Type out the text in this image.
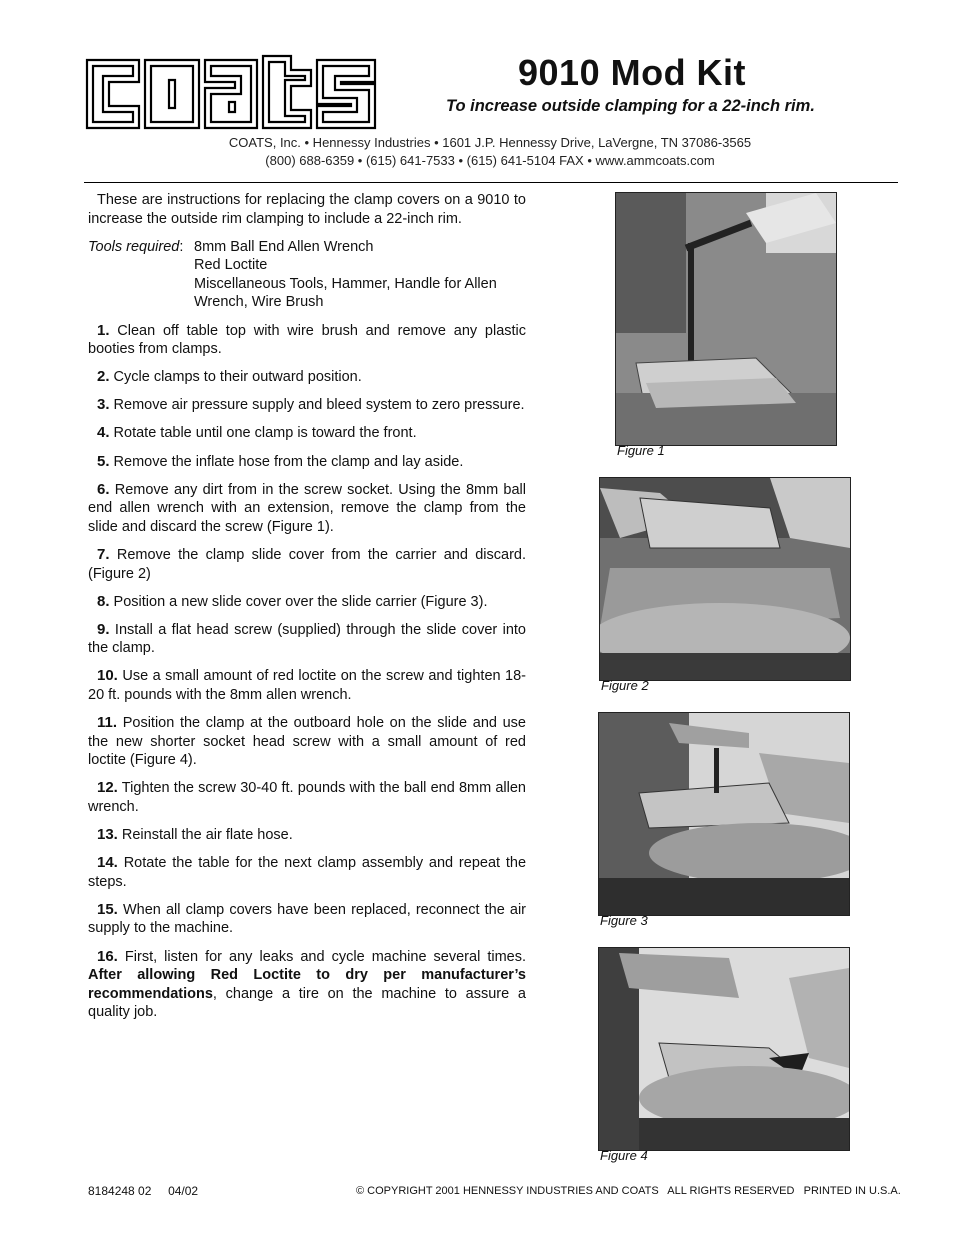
9010 Mod Kit
To increase outside clamping for a 22-inch rim.
COATS, Inc. • Hennessy Industries • 1601 J.P. Hennessy Drive, LaVergne, TN 37086-3565
(800) 688-6359 • (615) 641-7533 • (615) 641-5104 FAX • www.ammcoats.com

These are instructions for replacing the clamp covers on a 9010 to increase the outside rim clamping to include a 22-inch rim.

Tools required: 8mm Ball End Allen Wrench
Red Loctite
Miscellaneous Tools, Hammer, Handle for Allen Wrench, Wire Brush

1. Clean off table top with wire brush and remove any plastic booties from clamps.

2. Cycle clamps to their outward position.

3. Remove air pressure supply and bleed system to zero pressure.

4. Rotate table until one clamp is toward the front.

5. Remove the inflate hose from the clamp and lay aside.

6. Remove any dirt from in the screw socket. Using the 8mm ball end allen wrench with an extension, remove the clamp from the slide and discard the screw (Figure 1).

7. Remove the clamp slide cover from the carrier and discard. (Figure 2)

8. Position a new slide cover over the slide carrier (Figure 3).

9. Install a flat head screw (supplied) through the slide cover into the clamp.

10. Use a small amount of red loctite on the screw and tighten 18-20 ft. pounds with the 8mm allen wrench.

11. Position the clamp at the outboard hole on the slide and use the new shorter socket head screw with a small amount of red loctite (Figure 4).

12. Tighten the screw 30-40 ft. pounds with the ball end 8mm allen wrench.

13. Reinstall the air flate hose.

14. Rotate the table for the next clamp assembly and repeat the steps.

15. When all clamp covers have been replaced, reconnect the air supply to the machine.

16. First, listen for any leaks and cycle machine several times. After allowing Red Loctite to dry per manufacturer’s recommendations, change a tire on the machine to assure a quality job.

Figure 1
Figure 2
Figure 3
Figure 4
8184248 02     04/02	© COPYRIGHT 2001 HENNESSY INDUSTRIES AND COATS   ALL RIGHTS RESERVED   PRINTED IN U.S.A.
